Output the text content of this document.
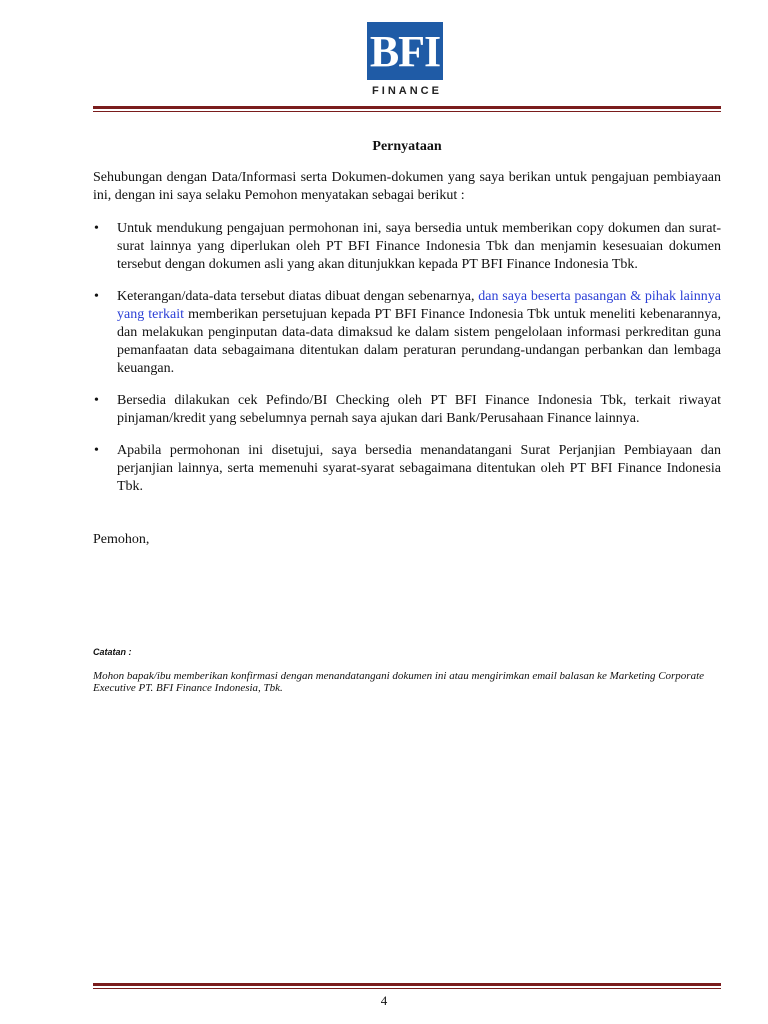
BFI
FINANCE
Pernyataan

Sehubungan dengan Data/Informasi serta Dokumen-dokumen yang saya berikan untuk pengajuan pembiayaan ini, dengan ini saya selaku Pemohon menyatakan sebagai berikut :

• Untuk mendukung pengajuan permohonan ini, saya bersedia untuk memberikan copy dokumen dan surat-surat lainnya yang diperlukan oleh PT BFI Finance Indonesia Tbk dan menjamin kesesuaian dokumen tersebut dengan dokumen asli yang akan ditunjukkan kepada PT BFI Finance Indonesia Tbk.
• Keterangan/data-data tersebut diatas dibuat dengan sebenarnya, dan saya beserta pasangan & pihak lainnya yang terkait memberikan persetujuan kepada PT BFI Finance Indonesia Tbk untuk meneliti kebenarannya, dan melakukan penginputan data-data dimaksud ke dalam sistem pengelolaan informasi perkreditan guna pemanfaatan data sebagaimana ditentukan dalam peraturan perundang-undangan perbankan dan lembaga keuangan.
• Bersedia dilakukan cek Pefindo/BI Checking oleh PT BFI Finance Indonesia Tbk, terkait riwayat pinjaman/kredit yang sebelumnya pernah saya ajukan dari Bank/Perusahaan Finance lainnya.
• Apabila permohonan ini disetujui, saya bersedia menandatangani Surat Perjanjian Pembiayaan dan perjanjian lainnya, serta memenuhi syarat-syarat sebagaimana ditentukan oleh PT BFI Finance Indonesia Tbk.
Pemohon,
Catatan :
Mohon bapak/ibu memberikan konfirmasi dengan menandatangani dokumen ini atau mengirimkan email balasan ke Marketing Corporate Executive PT. BFI Finance Indonesia, Tbk.
4
